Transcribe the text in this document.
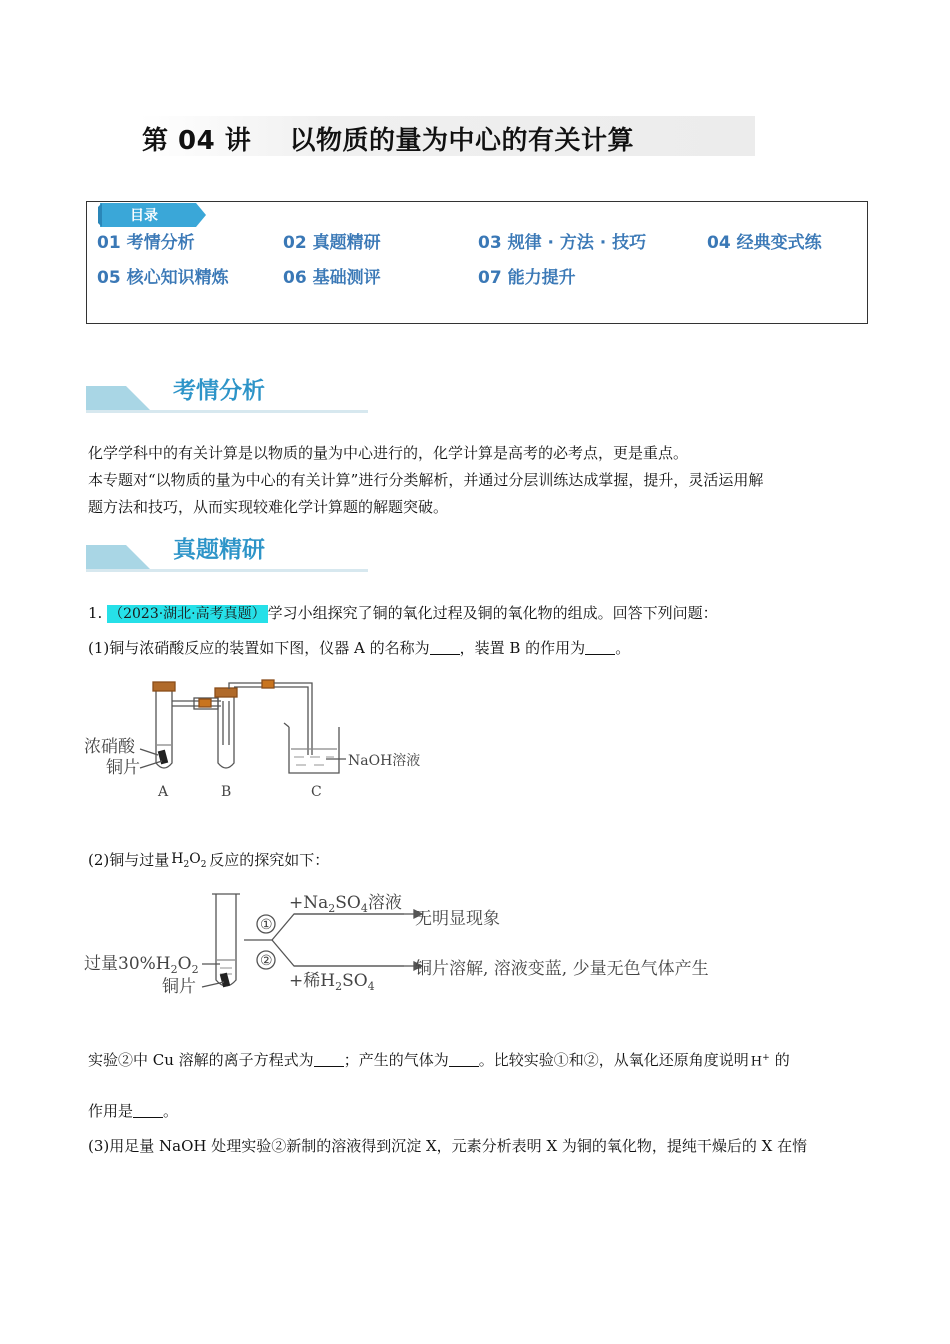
第 04 讲    以物质的量为中心的有关计算
目录
01 考情分析	02 真题精研	03 规律 · 方法 · 技巧	04 经典变式练
05 核心知识精炼	06 基础测评	07 能力提升
考情分析
化学学科中的有关计算是以物质的量为中心进行的，化学计算是高考的必考点，更是重点。
本专题对“以物质的量为中心的有关计算”进行分类解析，并通过分层训练达成掌握，提升，灵活运用解
题方法和技巧，从而实现较难化学计算题的解题突破。
真题精研
1. （2023·湖北·高考真题） 学习小组探究了铜的氧化过程及铜的氧化物的组成。回答下列问题：
(1)铜与浓硝酸反应的装置如下图，仪器 A 的名称为 ，装置 B 的作用为 。
浓硝酸
铜片
A	B	C
NaOH溶液
(2)铜与过量 $H_2O_2$ 反应的探究如下：
①
②
$+Na_2SO_4$溶液
无明显现象
+稀$H_2SO_4$
铜片溶解, 溶液变蓝, 少量无色气体产生
过量$30\%H_2O_2$
铜片
实验②中 Cu 溶解的离子方程式为 ；产生的气体为 。比较实验①和②，从氧化还原角度说明 H+ 的
作用是 。
(3)用足量 NaOH 处理实验②新制的溶液得到沉淀 X，元素分析表明 X 为铜的氧化物，提纯干燥后的 X 在惰
